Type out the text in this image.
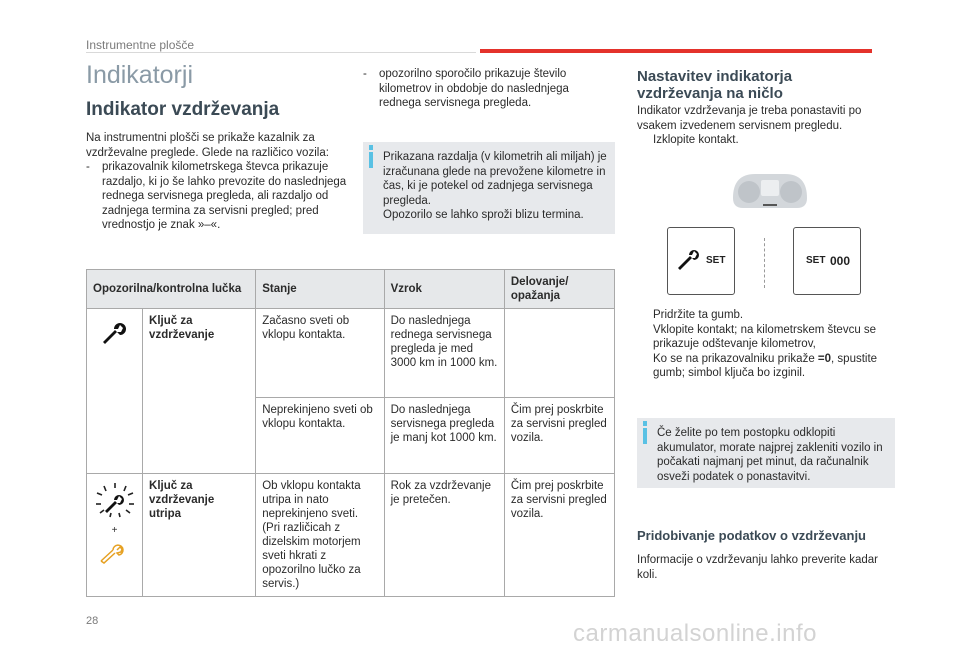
Instrumentne plošče
Indikatorji
Indikator vzdrževanja
Na instrumentni plošči se prikaže kazalnik za vzdrževalne preglede. Glede na različico vozila:
- prikazovalnik kilometrskega števca prikazuje razdaljo, ki jo še lahko prevozite do naslednjega rednega servisnega pregleda, ali razdaljo od zadnjega termina za servisni pregled; pred vrednostjo je znak »–«.
- opozorilno sporočilo prikazuje število kilometrov in obdobje do naslednjega rednega servisnega pregleda.
Prikazana razdalja (v kilometrih ali miljah) je izračunana glede na prevožene kilometre in čas, ki je potekel od zadnjega servisnega pregleda.
Opozorilo se lahko sproži blizu termina.
Opozorilna/kontrolna lučka		Stanje	Vzrok	Delovanje/ opažanja
	Ključ za vzdrževanje	Začasno sveti ob vklopu kontakta.	Do naslednjega rednega servisnega pregleda je med 3000 km in 1000 km.	
		Neprekinjeno sveti ob vklopu kontakta.	Do naslednjega servisnega pregleda je manj kot 1000 km.	Čim prej poskrbite za servisni pregled vozila.

+	Ključ za vzdrževanje utripa	Ob vklopu kontakta utripa in nato neprekinjeno sveti. (Pri različicah z dizelskim motorjem sveti hkrati z opozorilno lučko za servis.)	Rok za vzdrževanje je pretečen.	Čim prej poskrbite za servisni pregled vozila.
Nastavitev indikatorja vzdrževanja na ničlo
Indikator vzdrževanja je treba ponastaviti po vsakem izvedenem servisnem pregledu.
Izklopite kontakt.
SET	SET 000
Pridržite ta gumb.
Vklopite kontakt; na kilometrskem števcu se prikazuje odštevanje kilometrov,
Ko se na prikazovalniku prikaže =0, spustite gumb; simbol ključa bo izginil.
Če želite po tem postopku odklopiti akumulator, morate najprej zakleniti vozilo in počakati najmanj pet minut, da računalnik osveži podatek o ponastavitvi.
Pridobivanje podatkov o vzdrževanju
Informacije o vzdrževanju lahko preverite kadar koli.
28	carmanualsonline.info
